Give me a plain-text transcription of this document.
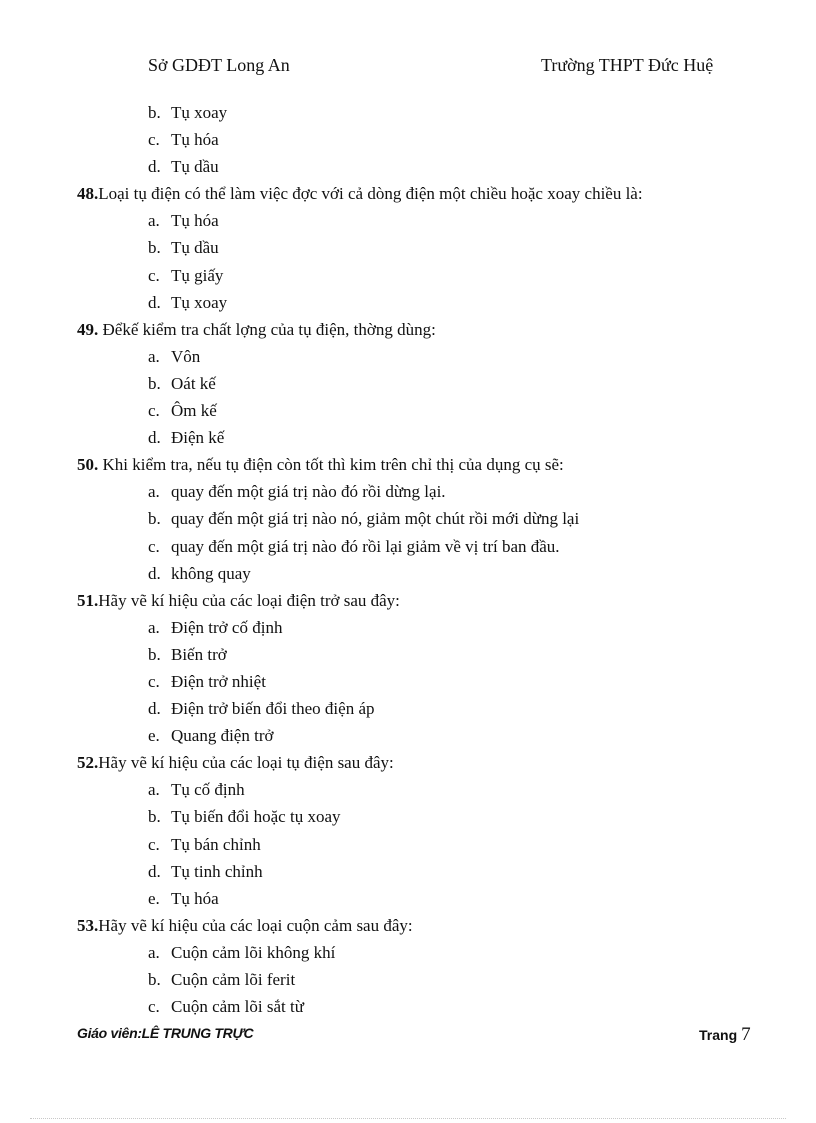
Sở GDĐT Long An	Trường THPT Đức Huệ
b. Tụ xoay
c. Tụ hóa
d. Tụ dầu
48.Loại tụ điện có thể làm việc đợc với cả dòng điện một chiều hoặc xoay chiều là:
a. Tụ hóa
b. Tụ dầu
c. Tụ giấy
d. Tụ xoay
49. Đểkế kiểm tra chất lợng của tụ điện, thờng dùng:
a. Vôn
b. Oát kế
c. Ôm kế
d. Điện kế
50. Khi kiểm tra, nếu tụ điện còn tốt thì kim trên chỉ thị của dụng cụ sẽ:
a. quay đến một giá trị nào đó rồi dừng lại.
b. quay đến một giá trị nào nó, giảm một chút rồi mới dừng lại
c. quay đến một giá trị nào đó rồi lại giảm về vị trí ban đầu.
d. không quay
51.Hãy vẽ kí hiệu của các loại điện trở sau đây:
a. Điện trở cố định
b. Biến trở
c. Điện trở nhiệt
d. Điện trở biến đổi theo điện áp
e. Quang điện trở
52.Hãy vẽ kí hiệu của các loại tụ điện sau đây:
a. Tụ cố định
b. Tụ biến đổi hoặc tụ xoay
c. Tụ bán chỉnh
d. Tụ tinh chỉnh
e. Tụ hóa
53.Hãy vẽ kí hiệu của các loại cuộn cảm sau đây:
a. Cuộn cảm lõi không khí
b. Cuộn cảm lõi ferit
c. Cuộn cảm lõi sắt từ
Giáo viên:LÊ TRUNG TRỰC	Trang 7
